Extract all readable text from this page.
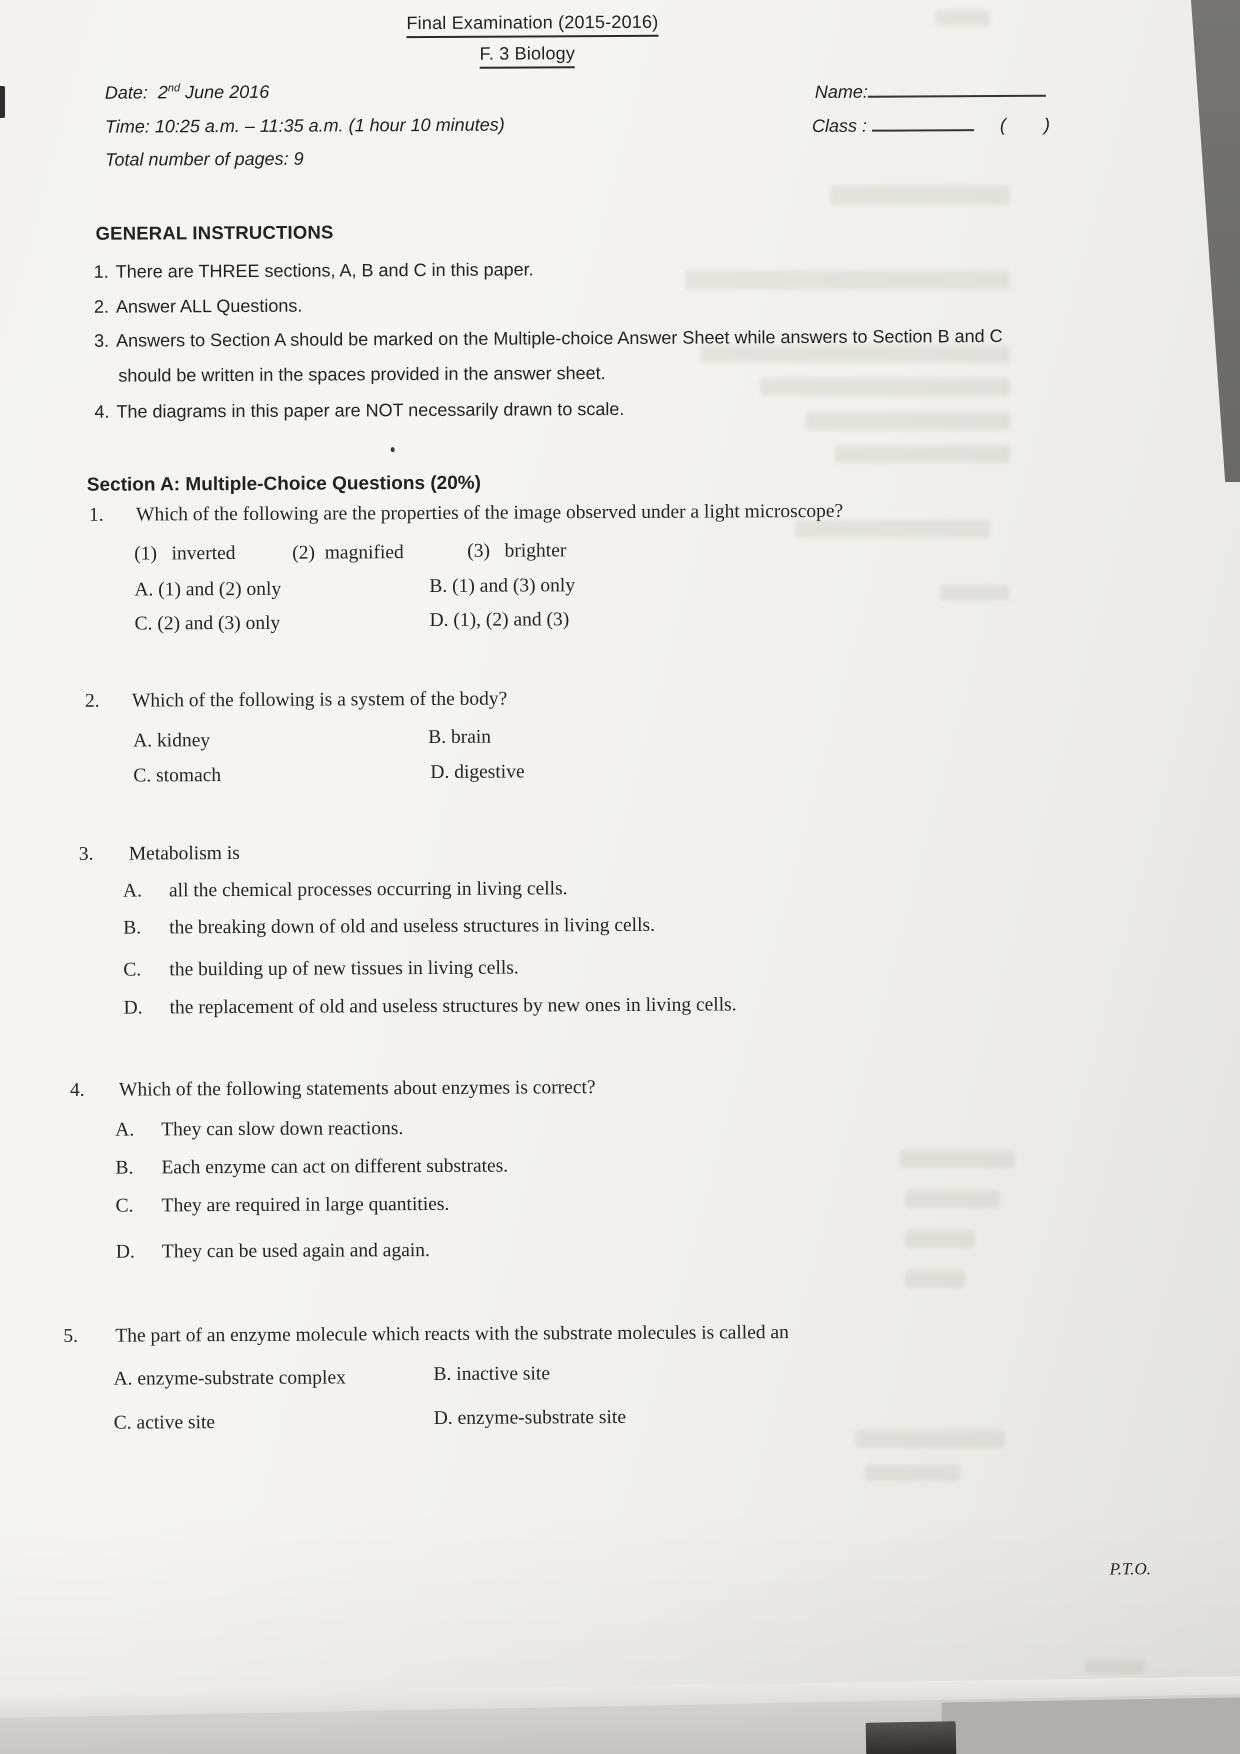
Final Examination (2015-2016)
F. 3 Biology
Date: 2nd June 2016
Time: 10:25 a.m. – 11:35 a.m. (1 hour 10 minutes)
Total number of pages: 9
Name:
Class :	( )
GENERAL INSTRUCTIONS
1. There are THREE sections, A, B and C in this paper.
2. Answer ALL Questions.
3. Answers to Section A should be marked on the Multiple-choice Answer Sheet while answers to Section B and C should be written in the spaces provided in the answer sheet.
4. The diagrams in this paper are NOT necessarily drawn to scale.
Section A: Multiple-Choice Questions (20%)
1. Which of the following are the properties of the image observed under a light microscope?
(1) inverted	(2) magnified	(3) brighter
A. (1) and (2) only	B. (1) and (3) only
C. (2) and (3) only	D. (1), (2) and (3)
2. Which of the following is a system of the body?
A. kidney	B. brain
C. stomach	D. digestive
3. Metabolism is
A. all the chemical processes occurring in living cells.
B. the breaking down of old and useless structures in living cells.
C. the building up of new tissues in living cells.
D. the replacement of old and useless structures by new ones in living cells.
4. Which of the following statements about enzymes is correct?
A. They can slow down reactions.
B. Each enzyme can act on different substrates.
C. They are required in large quantities.
D. They can be used again and again.
5. The part of an enzyme molecule which reacts with the substrate molecules is called an
A. enzyme-substrate complex	B. inactive site
C. active site	D. enzyme-substrate site
P.T.O.
